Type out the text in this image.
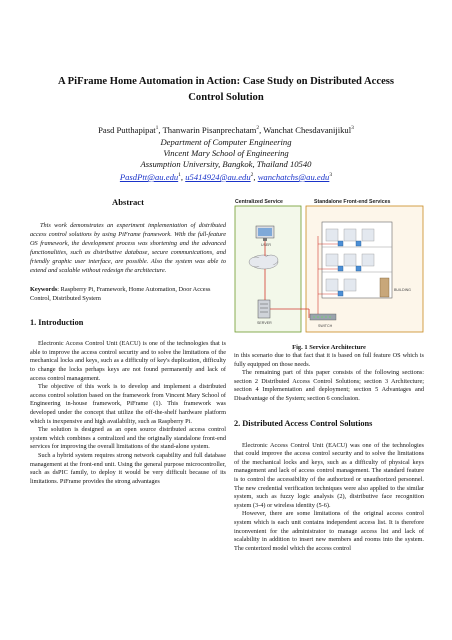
A PiFrame Home Automation in Action: Case Study on Distributed Access
Control Solution
Pasd Putthapipat$^1$, Thanwarin Pisanprechatam$^2$, Wanchat Chesdavanijikul$^3$
Department of Computer Engineering
Vincent Mary School of Engineering
Assumption University, Bangkok, Thailand 10540
PasdPtt@au.edu$^1$, u5414924@au.edu$^2$, wanchatchs@au.edu$^3$
Abstract
This work demonstrates an experiment implementation of distributed access control solutions by using PiFrame framework. With the full-feature OS framework, the development process was shortening and the advanced functionalities, such as distributive database, secure communications, and friendly graphic user interface, are possible. Also the system was able to extend and scalable without redesign the architecture.
Keywords: Raspberry Pi, Framework, Home Automation, Door Access Control, Distributed System
1. Introduction
Electronic Access Control Unit (EACU) is one of the technologies that is able to improve the access control security and to solve the limitations of the mechanical locks and keys, such as a difficulty of key's duplication, difficulty to change the locks perhaps keys are not found permanently and lack of access control management.
The objective of this work is to develop and implement a distributed access control solution based on the framework from Vincent Mary School of Engineering in-house framework, PiFrame (1). This framework was developed under the concept that utilize the off-the-shelf hardware platform which is inexpensive and high availability, such as Raspberry Pi.
The solution is designed as an open source distributed access control system which combines a centralized and the originally standalone front-end services for improving the overall limitations of the stand-alone system.
Such a hybrid system requires strong network capability and full database management at the front-end unit. Using the general purpose microcontroller, such as dsPIC family, to deploy it would be very difficult because of its limitations. PiFrame provides the strong advantages
Centralized Service	Standalone Front-end Services
USER
SERVER
BUILDING
SWITCH
Fig. 1 Service Architecture
in this scenario due to that fact that it is based on full feature OS which is fully equipped on those needs.
The remaining part of this paper consists of the following sections: section 2 Distributed Access Control Solutions; section 3 Architecture; section 4 Implementation and deployment; section 5 Advantages and Disadvantage of the System; section 6 conclusion.
2. Distributed Access Control Solutions
Electronic Access Control Unit (EACU) was one of the technologies that could improve the access control security and to solve the limitations of the mechanical locks and keys, such as a difficulty of physical keys management and lack of access control management. The standard feature is to control the accessibility of the authorized or unauthorized personnel. The new credential verification techniques were also applied to the similar system, such as fuzzy logic analysis (2), distributive face recognition system (3-4) or wireless identity (5-6).
However, there are some limitations of the original access control system which is each unit contains independent access list. It is therefore inconvenient for the administrator to manage access list and lack of scalability in addition to insert new members and rooms into the system. The centerized model which the access control
